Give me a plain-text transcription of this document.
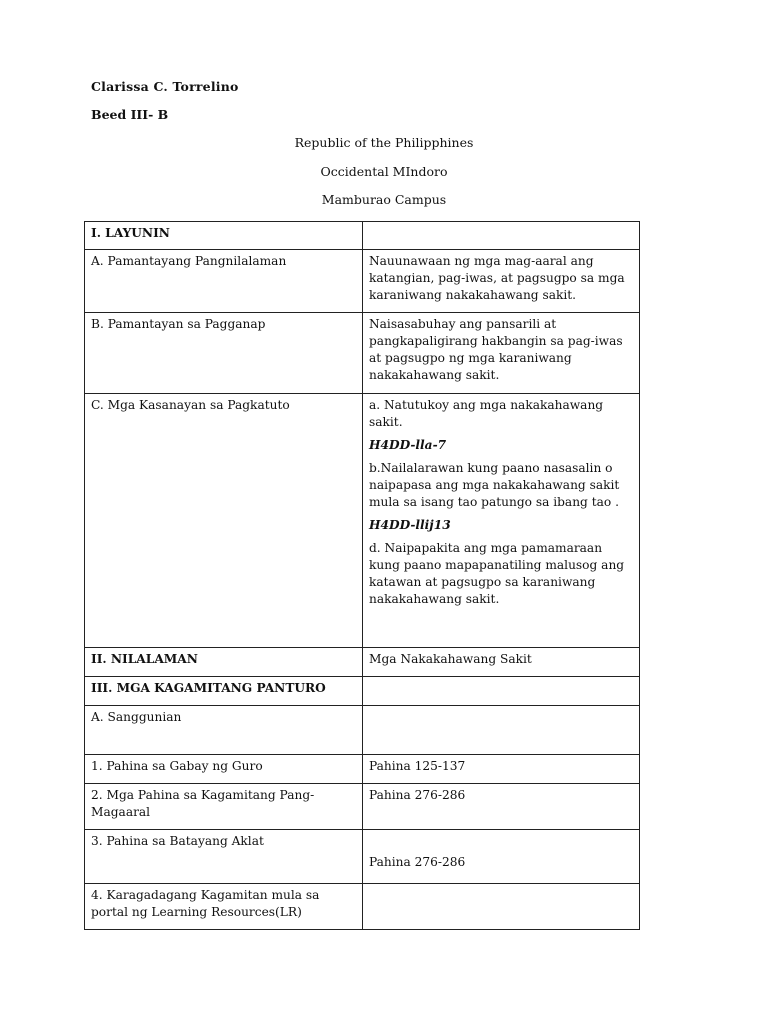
Clarissa C. Torrelino
Beed III- B
Republic of the Philipphines
Occidental MIndoro
Mamburao Campus
I. LAYUNIN	
A. Pamantayang Pangnilalaman	Nauunawaan ng mga mag-aaral ang katangian, pag-iwas, at pagsugpo sa mga karaniwang nakakahawang sakit.
B. Pamantayan sa Pagganap	Naisasabuhay ang pansarili at pangkapaligirang hakbangin sa pag-iwas at pagsugpo ng mga karaniwang nakakahawang sakit.
C. Mga Kasanayan sa Pagkatuto	a. Natutukoy ang mga nakakahawang sakit.
H4DD-lla-7
b.Nailalarawan kung paano nasasalin o naipapasa ang mga nakakahawang sakit mula sa isang tao patungo sa ibang tao .
H4DD-llij13
d. Naipapakita ang mga pamamaraan kung paano mapapanatiling malusog ang katawan at pagsugpo sa karaniwang nakakahawang sakit.

II. NILALAMAN	Mga Nakakahawang Sakit
III. MGA KAGAMITANG PANTURO	
A. Sanggunian	
1. Pahina sa Gabay ng Guro	Pahina 125-137
2. Mga Pahina sa Kagamitang Pang-Magaaral	Pahina 276-286
3. Pahina sa Batayang Aklat	Pahina 276-286
4. Karagadagang Kagamitan mula sa portal ng Learning Resources(LR)	
